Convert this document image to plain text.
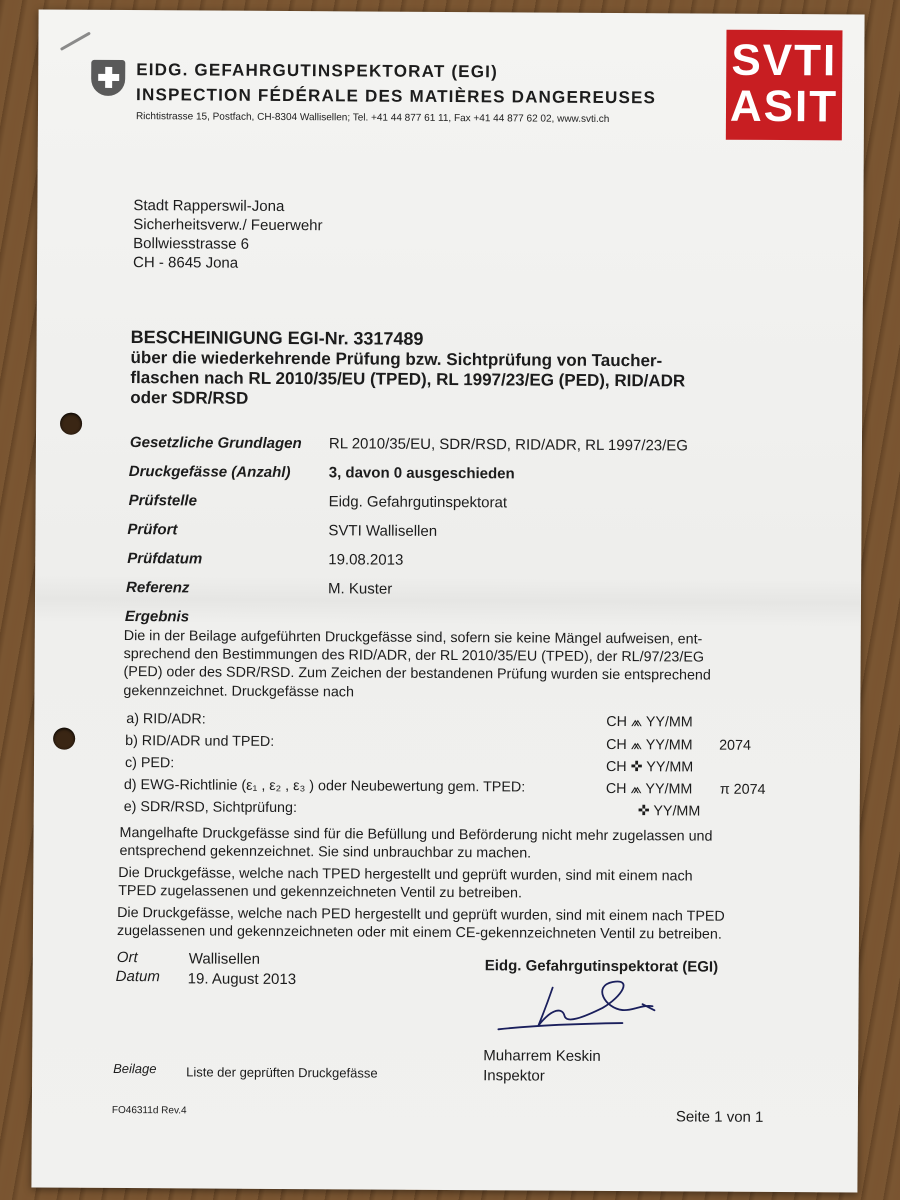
EIDG. GEFAHRGUTINSPEKTORAT (EGI)
INSPECTION FÉDÉRALE DES MATIÈRES DANGEREUSES
Richtistrasse 15, Postfach, CH-8304 Wallisellen; Tel. +41 44 877 61 11, Fax +41 44 877 62 02, www.svti.ch
SVTI
ASIT
Stadt Rapperswil-Jona
Sicherheitsverw./ Feuerwehr
Bollwiesstrasse 6
CH - 8645 Jona
BESCHEINIGUNG EGI-Nr. 3317489
über die wiederkehrende Prüfung bzw. Sichtprüfung von Taucher-
flaschen nach RL 2010/35/EU (TPED), RL 1997/23/EG (PED), RID/ADR
oder SDR/RSD
Gesetzliche Grundlagen RL 2010/35/EU, SDR/RSD, RID/ADR, RL 1997/23/EG
Druckgefässe (Anzahl)	3, davon 0 ausgeschieden
Prüfstelle	Eidg. Gefahrgutinspektorat
Prüfort	SVTI Wallisellen
Prüfdatum	19.08.2013
Referenz	M. Kuster
Ergebnis
Die in der Beilage aufgeführten Druckgefässe sind, sofern sie keine Mängel aufweisen, ent-
sprechend den Bestimmungen des RID/ADR, der RL 2010/35/EU (TPED), der RL/97/23/EG
(PED) oder des SDR/RSD. Zum Zeichen der bestandenen Prüfung wurden sie entsprechend
gekennzeichnet. Druckgefässe nach
a) RID/ADR:	CH ⩕ YY/MM
b) RID/ADR und TPED:	CH ⩕ YY/MM 2074
c) PED:	CH ✜ YY/MM
d) EWG-Richtlinie (ε₁ , ε₂ , ε₃ ) oder Neubewertung gem. TPED:	CH ⩕ YY/MM π 2074
e) SDR/RSD, Sichtprüfung:	✜ YY/MM
Mangelhafte Druckgefässe sind für die Befüllung und Beförderung nicht mehr zugelassen und
entsprechend gekennzeichnet. Sie sind unbrauchbar zu machen.
Die Druckgefässe, welche nach TPED hergestellt und geprüft wurden, sind mit einem nach
TPED zugelassenen und gekennzeichneten Ventil zu betreiben.
Die Druckgefässe, welche nach PED hergestellt und geprüft wurden, sind mit einem nach TPED
zugelassenen und gekennzeichneten oder mit einem CE-gekennzeichneten Ventil zu betreiben.
Ort	Wallisellen
Datum 19. August 2013
Eidg. Gefahrgutinspektorat (EGI)
Muharrem Keskin
Inspektor
Beilage Liste der geprüften Druckgefässe
FO46311d Rev.4	Seite 1 von 1
